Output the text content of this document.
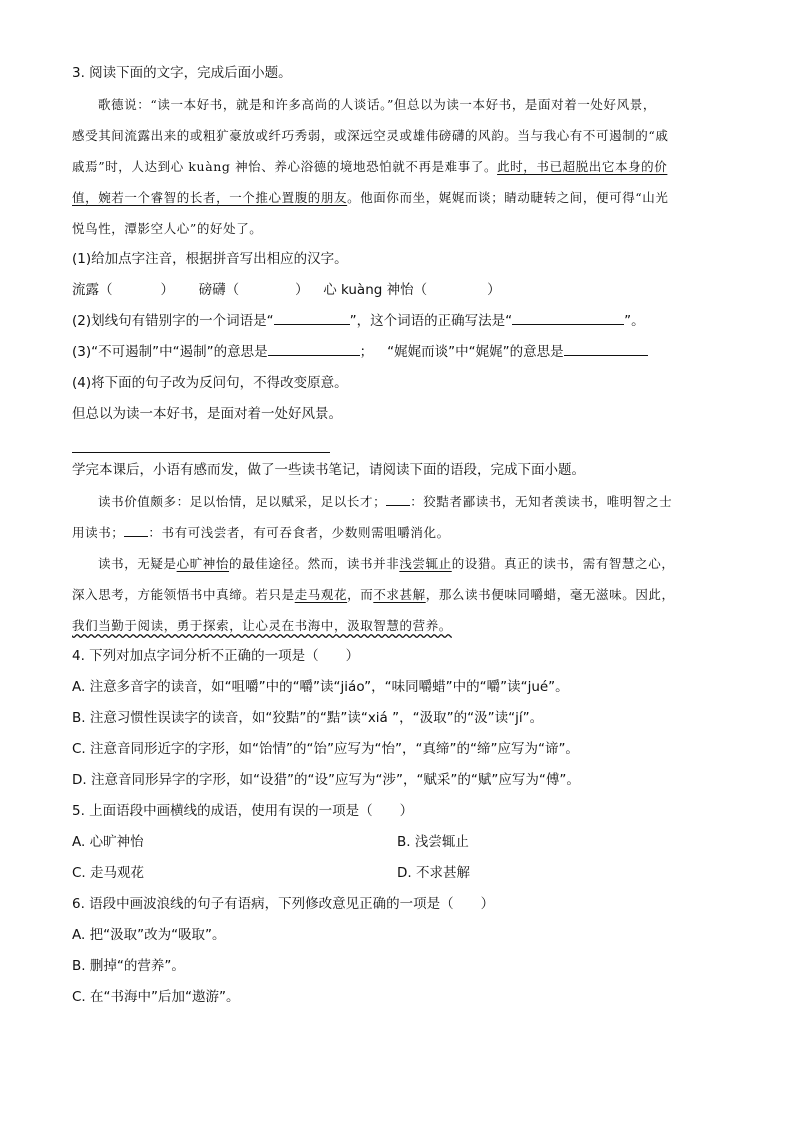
3. 阅读下面的文字，完成后面小题。
歌德说：“读一本好书，就是和许多高尚的人谈话。”但总以为读一本好书，是面对着一处好风景，
感受其间流露出来的或粗犷豪放或纤巧秀弱，或深远空灵或雄伟磅礴的风韵。当与我心有不可遏制的“戚
戚焉”时，人达到心 kuàng 神怡、养心浴德的境地恐怕就不再是难事了。此时，书已超脱出它本身的价
值，婉若一个睿智的长者，一个推心置腹的朋友。他面你而坐，娓娓而谈；睛动睫转之间，便可得“山光
悦鸟性，潭影空人心”的好处了。
(1)给加点字注音，根据拼音写出相应的汉字。
流露（	） 磅礴（	） 心 kuàng 神怡（	）
(2)划线句有错别字的一个词语是“	”，这个词语的正确写法是“	”。
(3)“不可遏制”中“遏制”的意思是	； “娓娓而谈”中“娓娓”的意思是
(4)将下面的句子改为反问句，不得改变原意。
但总以为读一本好书，是面对着一处好风景。
学完本课后，小语有感而发，做了一些读书笔记，请阅读下面的语段，完成下面小题。
读书价值颇多：足以怡情，足以赋采，足以长才； ：狡黠者鄙读书，无知者羡读书，唯明智之士
用读书； ：书有可浅尝者，有可吞食者，少数则需咀嚼消化。
读书，无疑是心旷神怡的最佳途径。然而，读书并非浅尝辄止的设猎。真正的读书，需有智慧之心，
深入思考，方能领悟书中真缔。若只是走马观花，而不求甚解，那么读书便味同嚼蜡，毫无滋味。因此，
我们当勤于阅读，勇于探索，让心灵在书海中，汲取智慧的营养。
4. 下列对加点字词分析不正确的一项是（　　）
A. 注意多音字的读音，如“咀嚼”中的“嚼”读“jiáo”，“味同嚼蜡”中的“嚼”读“jué”。
B. 注意习惯性误读字的读音，如“狡黠”的“黠”读“xiá ”，“汲取”的“汲”读“jí”。
C. 注意音同形近字的字形，如“饴情”的“饴”应写为“怡”，“真缔”的“缔”应写为“谛”。
D. 注意音同形异字的字形，如“设猎”的“设”应写为“涉”，“赋采”的“赋”应写为“傅”。
5. 上面语段中画横线的成语，使用有误的一项是（　　）
A. 心旷神怡	B. 浅尝辄止
C. 走马观花	D. 不求甚解
6. 语段中画波浪线的句子有语病，下列修改意见正确的一项是（　　）
A. 把“汲取”改为“吸取”。
B. 删掉“的营养”。
C. 在“书海中”后加“遨游”。
